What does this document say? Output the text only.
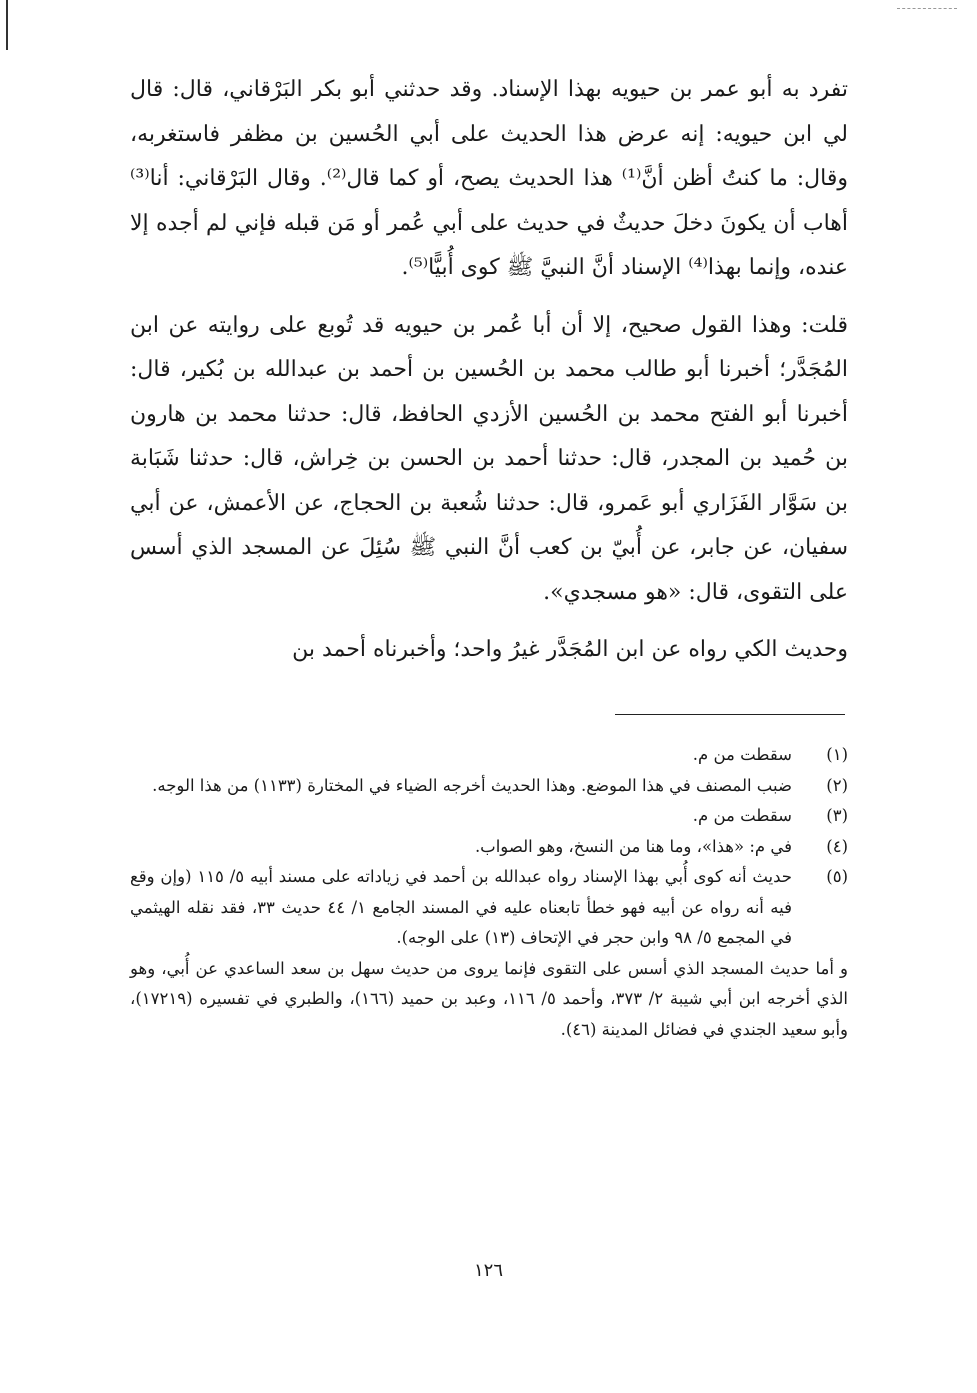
تفرد به أبو عمر بن حيويه بهذا الإسناد. وقد حدثني أبو بكر البَرْقاني، قال: قال لي ابن حيويه: إنه عرض هذا الحديث على أبي الحُسين بن مظفر فاستغربه، وقال: ما كنتُ أظن أنَّ⁽¹⁾ هذا الحديث يصح، أو كما قال⁽²⁾. وقال البَرْقاني: أنا⁽³⁾ أهاب أن يكونَ دخلَ حديثٌ في حديث على أبي عُمر أو مَن قبله فإني لم أجده إلا عنده، وإنما بهذا⁽⁴⁾ الإسناد أنَّ النبيَّ ﷺ كوى أُبيًّا⁽⁵⁾.

قلت: وهذا القول صحيح، إلا أن أبا عُمر بن حيويه قد تُوبع على روايته عن ابن المُجَدَّر؛ أخبرنا أبو طالب محمد بن الحُسين بن أحمد بن عبدالله بن بُكير، قال: أخبرنا أبو الفتح محمد بن الحُسين الأزدي الحافظ، قال: حدثنا محمد بن هارون بن حُميد بن المجدر، قال: حدثنا أحمد بن الحسن بن خِراش، قال: حدثنا شَبَابة بن سَوَّار الفَزَاري أبو عَمرو، قال: حدثنا شُعبة بن الحجاج، عن الأعمش، عن أبي سفيان، عن جابر، عن أُبيّ بن كعب أنَّ النبي ﷺ سُئِلَ عن المسجد الذي أسس على التقوى، قال: «هو مسجدي».

وحديث الكي رواه عن ابن المُجَدَّر غيرُ واحد؛ وأخبرناه أحمد بن

(١)
سقطت من م.
(٢)
ضبب المصنف في هذا الموضع. وهذا الحديث أخرجه الضياء في المختارة (١١٣٣) من هذا الوجه.
(٣)
سقطت من م.
(٤)
في م: «هذا»، وما هنا من النسخ، وهو الصواب.
(٥)
حديث أنه كوى أُبي بهذا الإسناد رواه عبدالله بن أحمد في زياداته على مسند أبيه ٥/ ١١٥ (وإن وقع فيه أنه رواه عن أبيه فهو خطأ تابعناه عليه في المسند الجامع ١/ ٤٤ حديث ٣٣، فقد نقله الهيثمي في المجمع ٥/ ٩٨ وابن حجر في الإتحاف (١٣) على الوجه).
و أما حديث المسجد الذي أسس على التقوى فإنما يروى من حديث سهل بن سعد الساعدي عن أُبي، وهو الذي أخرجه ابن أبي شيبة ٢/ ٣٧٣، وأحمد ٥/ ١١٦، وعبد بن حميد (١٦٦)، والطبري في تفسيره (١٧٢١٩)، وأبو سعيد الجندي في فضائل المدينة (٤٦).
١٢٦
